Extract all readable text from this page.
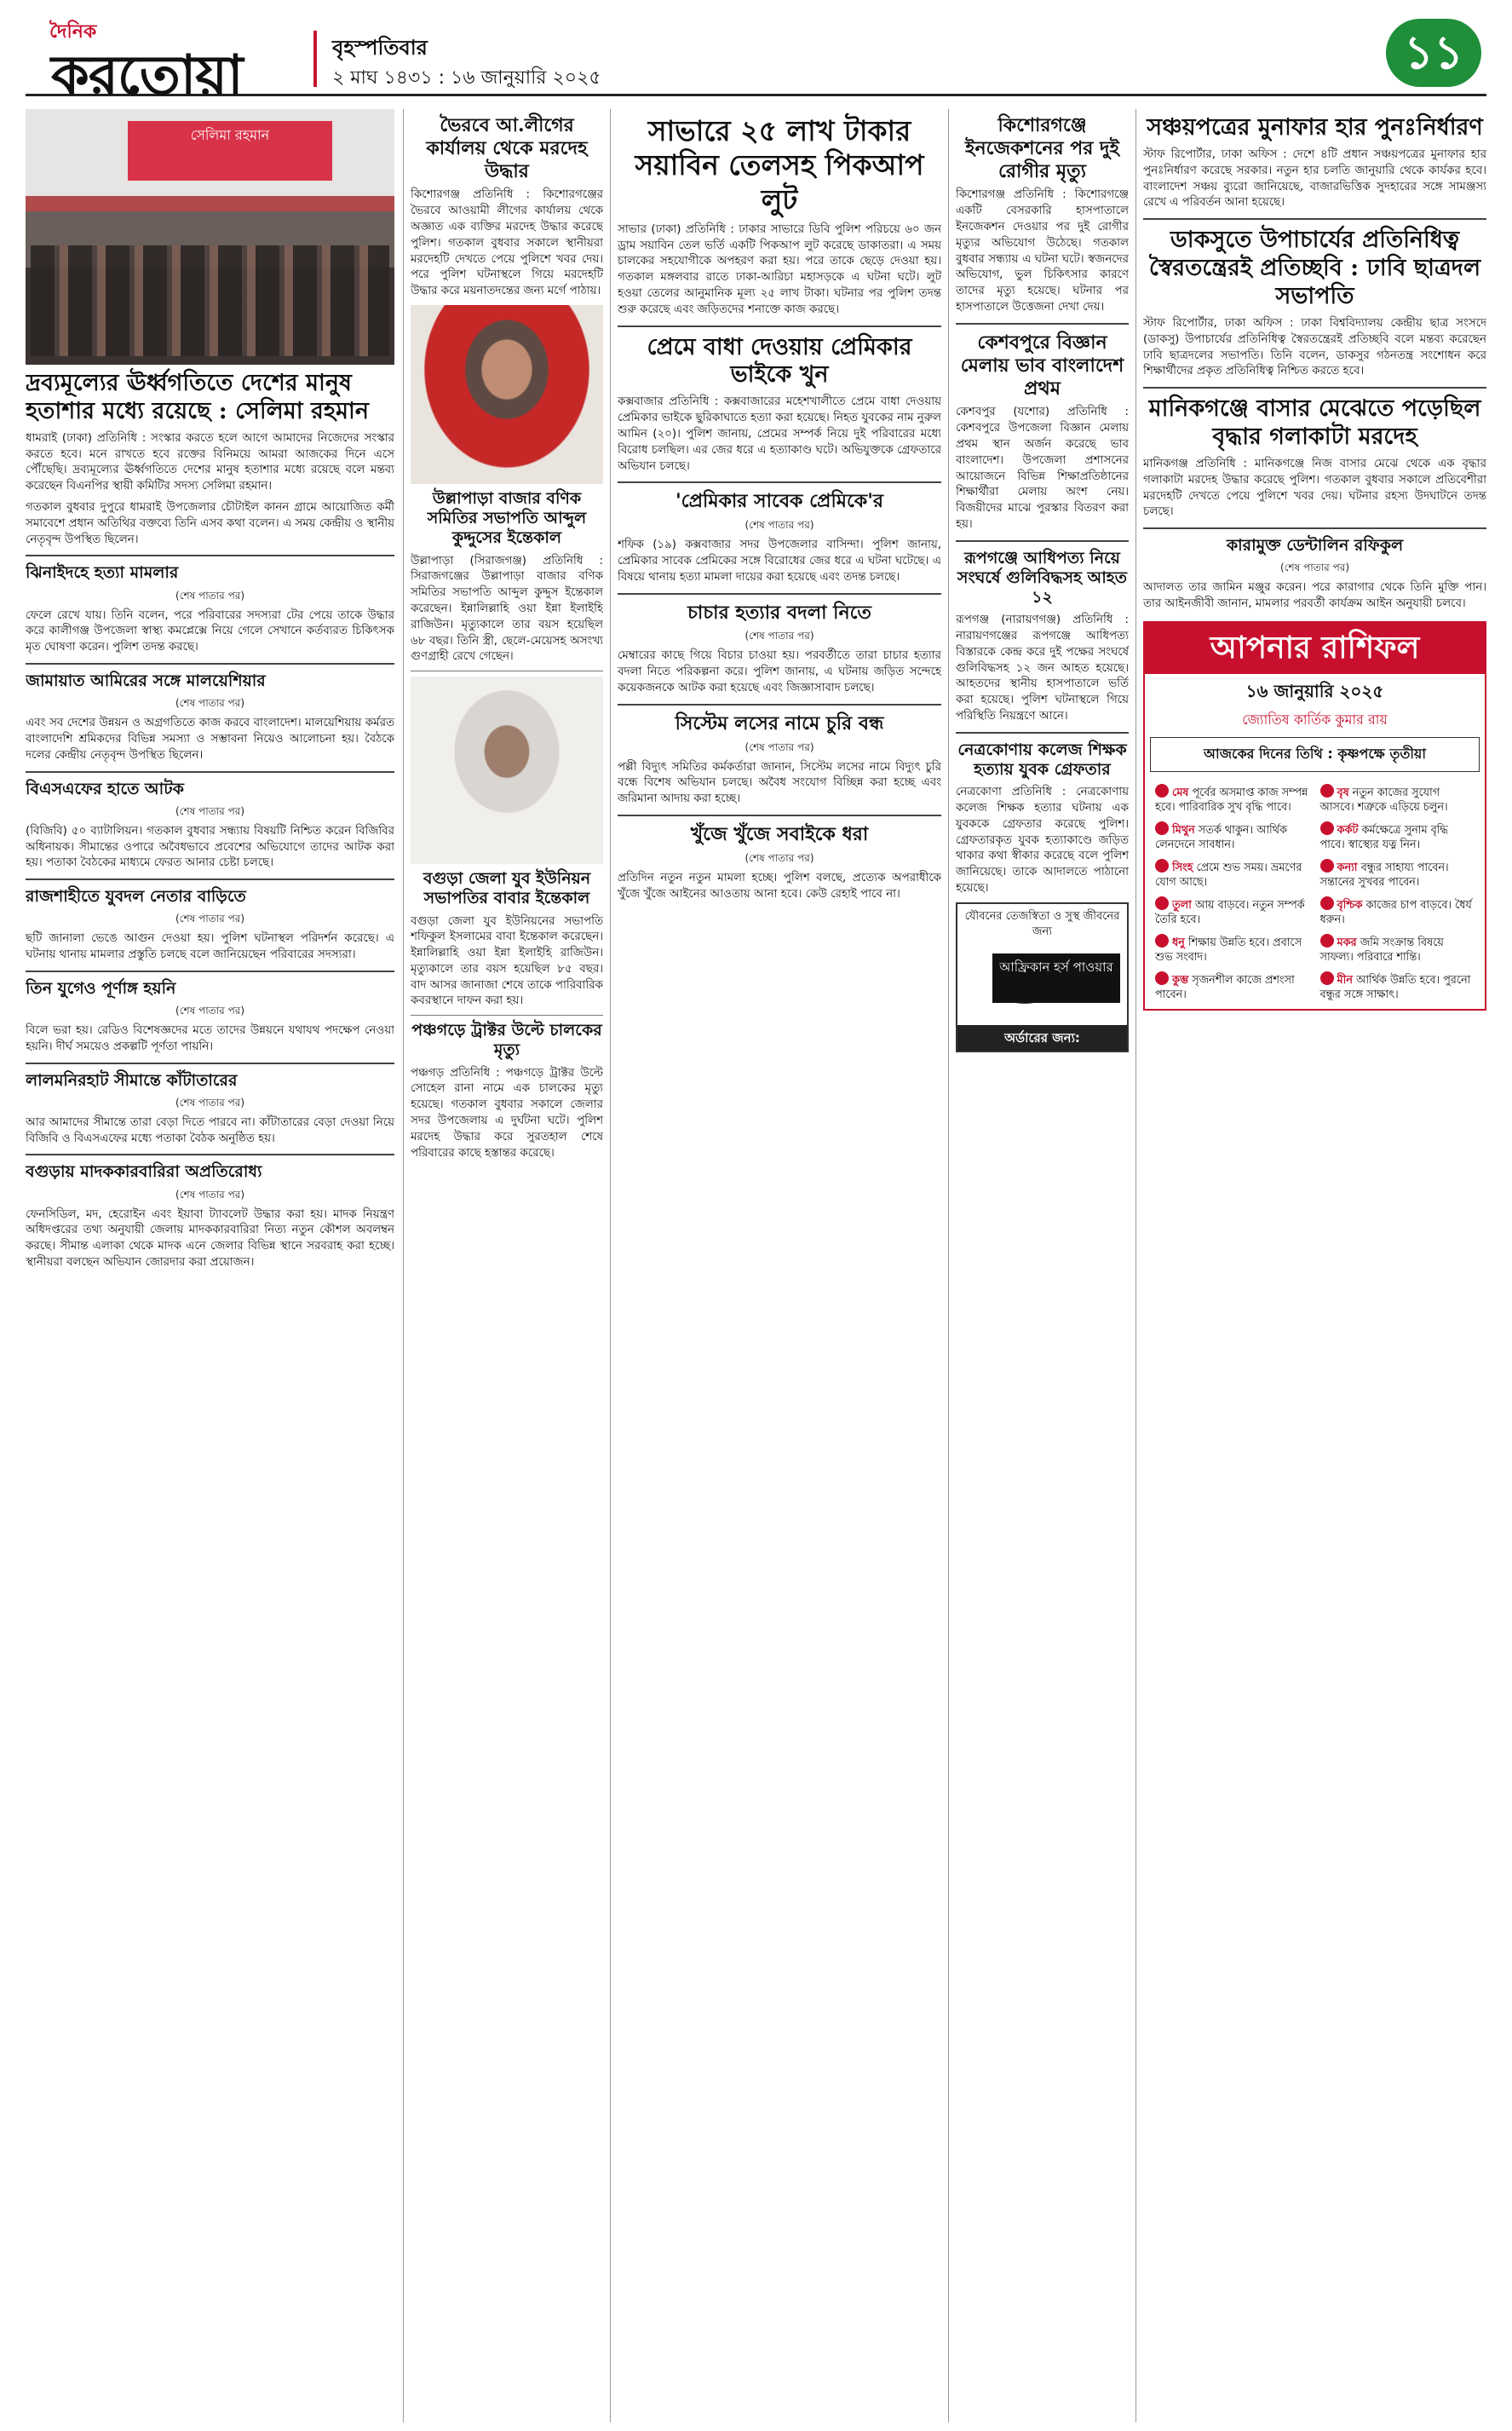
দৈনিক
করতোয়া	বৃহস্পতিবার
২ মাঘ ১৪৩১ : ১৬ জানুয়ারি ২০২৫	১১
সেলিমা রহমান
দ্রব্যমূল্যের ঊর্ধ্বগতিতে দেশের মানুষ হতাশার মধ্যে রয়েছে : সেলিমা রহমান

ধামরাই (ঢাকা) প্রতিনিধি : সংস্কার করতে হলে আগে আমাদের নিজেদের সংস্কার করতে হবে। মনে রাখতে হবে রক্তের বিনিময়ে আমরা আজকের দিনে এসে পৌঁছেছি। দ্রব্যমূল্যের ঊর্ধ্বগতিতে দেশের মানুষ হতাশার মধ্যে রয়েছে বলে মন্তব্য করেছেন বিএনপির স্থায়ী কমিটির সদস্য সেলিমা রহমান।

গতকাল বুধবার দুপুরে ধামরাই উপজেলার চৌটাইল কানন গ্রামে আয়োজিত কর্মী সমাবেশে প্রধান অতিথির বক্তব্যে তিনি এসব কথা বলেন। এ সময় কেন্দ্রীয় ও স্থানীয় নেতৃবৃন্দ উপস্থিত ছিলেন।

ঝিনাইদহে হত্যা মামলার
(শেষ পাতার পর)

ফেলে রেখে যায়। তিনি বলেন, পরে পরিবারের সদস্যরা টের পেয়ে তাকে উদ্ধার করে কালীগঞ্জ উপজেলা স্বাস্থ্য কমপ্লেক্সে নিয়ে গেলে সেখানে কর্তব্যরত চিকিৎসক মৃত ঘোষণা করেন। পুলিশ তদন্ত করছে।

জামায়াত আমিরের সঙ্গে মালয়েশিয়ার
(শেষ পাতার পর)

এবং সব দেশের উন্নয়ন ও অগ্রগতিতে কাজ করবে বাংলাদেশ। মালয়েশিয়ায় কর্মরত বাংলাদেশি শ্রমিকদের বিভিন্ন সমস্যা ও সম্ভাবনা নিয়েও আলোচনা হয়। বৈঠকে দলের কেন্দ্রীয় নেতৃবৃন্দ উপস্থিত ছিলেন।

বিএসএফের হাতে আটক
(শেষ পাতার পর)

(বিজিবি) ৫০ ব্যাটালিয়ন। গতকাল বুধবার সন্ধ্যায় বিষয়টি নিশ্চিত করেন বিজিবির অধিনায়ক। সীমান্তের ওপারে অবৈধভাবে প্রবেশের অভিযোগে তাদের আটক করা হয়। পতাকা বৈঠকের মাধ্যমে ফেরত আনার চেষ্টা চলছে।

রাজশাহীতে যুবদল নেতার বাড়িতে
(শেষ পাতার পর)

ছটি জানালা ভেঙে আগুন দেওয়া হয়। পুলিশ ঘটনাস্থল পরিদর্শন করেছে। এ ঘটনায় থানায় মামলার প্রস্তুতি চলছে বলে জানিয়েছেন পরিবারের সদস্যরা।

তিন যুগেও পূর্ণাঙ্গ হয়নি
(শেষ পাতার পর)

বিলে ভরা হয়। রেডিও বিশেষজ্ঞদের মতে তাদের উন্নয়নে যথাযথ পদক্ষেপ নেওয়া হয়নি। দীর্ঘ সময়েও প্রকল্পটি পূর্ণতা পায়নি।

লালমনিরহাট সীমান্তে কাঁটাতারের
(শেষ পাতার পর)

আর আমাদের সীমান্তে তারা বেড়া দিতে পারবে না। কাঁটাতারের বেড়া দেওয়া নিয়ে বিজিবি ও বিএসএফের মধ্যে পতাকা বৈঠক অনুষ্ঠিত হয়।

বগুড়ায় মাদককারবারিরা অপ্রতিরোধ্য
(শেষ পাতার পর)

ফেনসিডিল, মদ, হেরোইন এবং ইয়াবা ট্যাবলেট উদ্ধার করা হয়। মাদক নিয়ন্ত্রণ অধিদপ্তরের তথ্য অনুযায়ী জেলায় মাদককারবারিরা নিত্য নতুন কৌশল অবলম্বন করছে। সীমান্ত এলাকা থেকে মাদক এনে জেলার বিভিন্ন স্থানে সরবরাহ করা হচ্ছে। স্থানীয়রা বলছেন অভিযান জোরদার করা প্রয়োজন।

ভৈরবে আ.লীগের কার্যালয় থেকে মরদেহ উদ্ধার

কিশোরগঞ্জ প্রতিনিধি : কিশোরগঞ্জের ভৈরবে আওয়ামী লীগের কার্যালয় থেকে অজ্ঞাত এক ব্যক্তির মরদেহ উদ্ধার করেছে পুলিশ। গতকাল বুধবার সকালে স্থানীয়রা মরদেহটি দেখতে পেয়ে পুলিশে খবর দেয়। পরে পুলিশ ঘটনাস্থলে গিয়ে মরদেহটি উদ্ধার করে ময়নাতদন্তের জন্য মর্গে পাঠায়।

উল্লাপাড়া বাজার বণিক সমিতির সভাপতি আব্দুল কুদ্দুসের ইন্তেকাল

উল্লাপাড়া (সিরাজগঞ্জ) প্রতিনিধি : সিরাজগঞ্জের উল্লাপাড়া বাজার বণিক সমিতির সভাপতি আব্দুল কুদ্দুস ইন্তেকাল করেছেন। ইন্নালিল্লাহি ওয়া ইন্না ইলাইহি রাজিউন। মৃত্যুকালে তার বয়স হয়েছিল ৬৮ বছর। তিনি স্ত্রী, ছেলে-মেয়েসহ অসংখ্য গুণগ্রাহী রেখে গেছেন।

বগুড়া জেলা যুব ইউনিয়ন সভাপতির বাবার ইন্তেকাল

বগুড়া জেলা যুব ইউনিয়নের সভাপতি শফিকুল ইসলামের বাবা ইন্তেকাল করেছেন। ইন্নালিল্লাহি ওয়া ইন্না ইলাইহি রাজিউন। মৃত্যুকালে তার বয়স হয়েছিল ৮৫ বছর। বাদ আসর জানাজা শেষে তাকে পারিবারিক কবরস্থানে দাফন করা হয়।

পঞ্চগড়ে ট্রাক্টর উল্টে চালকের মৃত্যু

পঞ্চগড় প্রতিনিধি : পঞ্চগড়ে ট্রাক্টর উল্টে সোহেল রানা নামে এক চালকের মৃত্যু হয়েছে। গতকাল বুধবার সকালে জেলার সদর উপজেলায় এ দুর্ঘটনা ঘটে। পুলিশ মরদেহ উদ্ধার করে সুরতহাল শেষে পরিবারের কাছে হস্তান্তর করেছে।

সাভারে ২৫ লাখ টাকার সয়াবিন তেলসহ পিকআপ লুট

সাভার (ঢাকা) প্রতিনিধি : ঢাকার সাভারে ডিবি পুলিশ পরিচয়ে ৬০ জন ড্রাম সয়াবিন তেল ভর্তি একটি পিকআপ লুট করেছে ডাকাতরা। এ সময় চালকের সহযোগীকে অপহরণ করা হয়। পরে তাকে ছেড়ে দেওয়া হয়। গতকাল মঙ্গলবার রাতে ঢাকা-আরিচা মহাসড়কে এ ঘটনা ঘটে। লুট হওয়া তেলের আনুমানিক মূল্য ২৫ লাখ টাকা। ঘটনার পর পুলিশ তদন্ত শুরু করেছে এবং জড়িতদের শনাক্তে কাজ করছে।

প্রেমে বাধা দেওয়ায় প্রেমিকার ভাইকে খুন

কক্সবাজার প্রতিনিধি : কক্সবাজারের মহেশখালীতে প্রেমে বাধা দেওয়ায় প্রেমিকার ভাইকে ছুরিকাঘাতে হত্যা করা হয়েছে। নিহত যুবকের নাম নুরুল আমিন (২০)। পুলিশ জানায়, প্রেমের সম্পর্ক নিয়ে দুই পরিবারের মধ্যে বিরোধ চলছিল। এর জের ধরে এ হত্যাকাণ্ড ঘটে। অভিযুক্তকে গ্রেফতারে অভিযান চলছে।

'প্রেমিকার সাবেক প্রেমিকে'র
(শেষ পাতার পর)

শফিক (১৯) কক্সবাজার সদর উপজেলার বাসিন্দা। পুলিশ জানায়, প্রেমিকার সাবেক প্রেমিকের সঙ্গে বিরোধের জের ধরে এ ঘটনা ঘটেছে। এ বিষয়ে থানায় হত্যা মামলা দায়ের করা হয়েছে এবং তদন্ত চলছে।

চাচার হত্যার বদলা নিতে
(শেষ পাতার পর)

মেম্বারের কাছে গিয়ে বিচার চাওয়া হয়। পরবর্তীতে তারা চাচার হত্যার বদলা নিতে পরিকল্পনা করে। পুলিশ জানায়, এ ঘটনায় জড়িত সন্দেহে কয়েকজনকে আটক করা হয়েছে এবং জিজ্ঞাসাবাদ চলছে।

সিস্টেম লসের নামে চুরি বন্ধ
(শেষ পাতার পর)

পল্লী বিদ্যুৎ সমিতির কর্মকর্তারা জানান, সিস্টেম লসের নামে বিদ্যুৎ চুরি বন্ধে বিশেষ অভিযান চলছে। অবৈধ সংযোগ বিচ্ছিন্ন করা হচ্ছে এবং জরিমানা আদায় করা হচ্ছে।

খুঁজে খুঁজে সবাইকে ধরা
(শেষ পাতার পর)

প্রতিদিন নতুন নতুন মামলা হচ্ছে। পুলিশ বলছে, প্রত্যেক অপরাধীকে খুঁজে খুঁজে আইনের আওতায় আনা হবে। কেউ রেহাই পাবে না।

কিশোরগঞ্জে ইনজেকশনের পর দুই রোগীর মৃত্যু

কিশোরগঞ্জ প্রতিনিধি : কিশোরগঞ্জে একটি বেসরকারি হাসপাতালে ইনজেকশন দেওয়ার পর দুই রোগীর মৃত্যুর অভিযোগ উঠেছে। গতকাল বুধবার সন্ধ্যায় এ ঘটনা ঘটে। স্বজনদের অভিযোগ, ভুল চিকিৎসার কারণে তাদের মৃত্যু হয়েছে। ঘটনার পর হাসপাতালে উত্তেজনা দেখা দেয়।

কেশবপুরে বিজ্ঞান মেলায় ভাব বাংলাদেশ প্রথম

কেশবপুর (যশোর) প্রতিনিধি : কেশবপুরে উপজেলা বিজ্ঞান মেলায় প্রথম স্থান অর্জন করেছে ভাব বাংলাদেশ। উপজেলা প্রশাসনের আয়োজনে বিভিন্ন শিক্ষাপ্রতিষ্ঠানের শিক্ষার্থীরা মেলায় অংশ নেয়। বিজয়ীদের মাঝে পুরস্কার বিতরণ করা হয়।

রূপগঞ্জে আধিপত্য নিয়ে সংঘর্ষে গুলিবিদ্ধসহ আহত ১২

রূপগঞ্জ (নারায়ণগঞ্জ) প্রতিনিধি : নারায়ণগঞ্জের রূপগঞ্জে আধিপত্য বিস্তারকে কেন্দ্র করে দুই পক্ষের সংঘর্ষে গুলিবিদ্ধসহ ১২ জন আহত হয়েছে। আহতদের স্থানীয় হাসপাতালে ভর্তি করা হয়েছে। পুলিশ ঘটনাস্থলে গিয়ে পরিস্থিতি নিয়ন্ত্রণে আনে।

নেত্রকোণায় কলেজ শিক্ষক হত্যায় যুবক গ্রেফতার

নেত্রকোণা প্রতিনিধি : নেত্রকোণায় কলেজ শিক্ষক হত্যার ঘটনায় এক যুবককে গ্রেফতার করেছে পুলিশ। গ্রেফতারকৃত যুবক হত্যাকাণ্ডে জড়িত থাকার কথা স্বীকার করেছে বলে পুলিশ জানিয়েছে। তাকে আদালতে পাঠানো হয়েছে।

যৌবনের তেজস্বিতা ও সুস্থ জীবনের জন্য
আফ্রিকান হর্স পাওয়ার
অর্ডারের জন্য: 01319399890
সঞ্চয়পত্রের মুনাফার হার পুনঃনির্ধারণ

স্টাফ রিপোর্টার, ঢাকা অফিস : দেশে ৪টি প্রধান সঞ্চয়পত্রের মুনাফার হার পুনঃনির্ধারণ করেছে সরকার। নতুন হার চলতি জানুয়ারি থেকে কার্যকর হবে। বাংলাদেশ সঞ্চয় ব্যুরো জানিয়েছে, বাজারভিত্তিক সুদহারের সঙ্গে সামঞ্জস্য রেখে এ পরিবর্তন আনা হয়েছে।

ডাকসুতে উপাচার্যের প্রতিনিধিত্ব স্বৈরতন্ত্রেরই প্রতিচ্ছবি : ঢাবি ছাত্রদল সভাপতি

স্টাফ রিপোর্টার, ঢাকা অফিস : ঢাকা বিশ্ববিদ্যালয় কেন্দ্রীয় ছাত্র সংসদে (ডাকসু) উপাচার্যের প্রতিনিধিত্ব স্বৈরতন্ত্রেরই প্রতিচ্ছবি বলে মন্তব্য করেছেন ঢাবি ছাত্রদলের সভাপতি। তিনি বলেন, ডাকসুর গঠনতন্ত্র সংশোধন করে শিক্ষার্থীদের প্রকৃত প্রতিনিধিত্ব নিশ্চিত করতে হবে।

মানিকগঞ্জে বাসার মেঝেতে পড়েছিল বৃদ্ধার গলাকাটা মরদেহ

মানিকগঞ্জ প্রতিনিধি : মানিকগঞ্জে নিজ বাসার মেঝে থেকে এক বৃদ্ধার গলাকাটা মরদেহ উদ্ধার করেছে পুলিশ। গতকাল বুধবার সকালে প্রতিবেশীরা মরদেহটি দেখতে পেয়ে পুলিশে খবর দেয়। ঘটনার রহস্য উদঘাটনে তদন্ত চলছে।

কারামুক্ত ডেন্টালিন রফিকুল
(শেষ পাতার পর)

আদালত তার জামিন মঞ্জুর করেন। পরে কারাগার থেকে তিনি মুক্তি পান। তার আইনজীবী জানান, মামলার পরবর্তী কার্যক্রম আইন অনুযায়ী চলবে।

আপনার রাশিফল
১৬ জানুয়ারি ২০২৫
জ্যোতিষ কার্তিক কুমার রায়
আজকের দিনের তিথি : কৃষ্ণপক্ষে তৃতীয়া
মেষ পূর্বের অসমাপ্ত কাজ সম্পন্ন হবে। পারিবারিক সুখ বৃদ্ধি পাবে।
বৃষ নতুন কাজের সুযোগ আসবে। শত্রুকে এড়িয়ে চলুন।
মিথুন সতর্ক থাকুন। আর্থিক লেনদেনে সাবধান।
কর্কট কর্মক্ষেত্রে সুনাম বৃদ্ধি পাবে। স্বাস্থ্যের যত্ন নিন।
সিংহ প্রেমে শুভ সময়। ভ্রমণের যোগ আছে।
কন্যা বন্ধুর সাহায্য পাবেন। সন্তানের সুখবর পাবেন।
তুলা আয় বাড়বে। নতুন সম্পর্ক তৈরি হবে।
বৃশ্চিক কাজের চাপ বাড়বে। ধৈর্য ধরুন।
ধনু শিক্ষায় উন্নতি হবে। প্রবাসে শুভ সংবাদ।
মকর জমি সংক্রান্ত বিষয়ে সাফল্য। পরিবারে শান্তি।
কুম্ভ সৃজনশীল কাজে প্রশংসা পাবেন।
মীন আর্থিক উন্নতি হবে। পুরনো বন্ধুর সঙ্গে সাক্ষাৎ।
